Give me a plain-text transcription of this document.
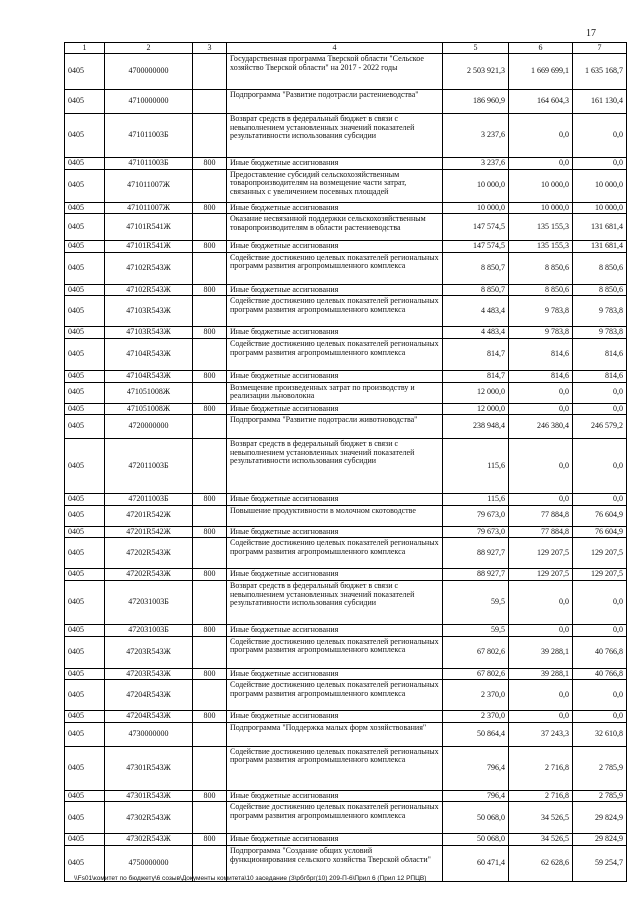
17
1	2	3	4	5	6	7
0405	4700000000		Государственная программа Тверской области "Сельское хозяйство Тверской области" на 2017 - 2022 годы	2 503 921,3	1 669 699,1	1 635 168,7
0405	4710000000		Подпрограмма "Развитие подотрасли растениеводства"	186 960,9	164 604,3	161 130,4
0405	471011003Б		Возврат средств в федеральный бюджет в связи с невыполнением установленных значений показателей результативности использования субсидии	3 237,6	0,0	0,0
0405	471011003Б	800	Иные бюджетные ассигнования	3 237,6	0,0	0,0
0405	471011007Ж		Предоставление субсидий сельскохозяйственным товаропроизводителям на возмещение части затрат, связанных с увеличением посевных площадей	10 000,0	10 000,0	10 000,0
0405	471011007Ж	800	Иные бюджетные ассигнования	10 000,0	10 000,0	10 000,0
0405	47101R541Ж		Оказание несвязанной поддержки сельскохозяйственным товаропроизводителям в области растениеводства	147 574,5	135 155,3	131 681,4
0405	47101R541Ж	800	Иные бюджетные ассигнования	147 574,5	135 155,3	131 681,4
0405	47102R543Ж		Содействие достижению целевых показателей региональных программ развития агропромышленного комплекса	8 850,7	8 850,6	8 850,6
0405	47102R543Ж	800	Иные бюджетные ассигнования	8 850,7	8 850,6	8 850,6
0405	47103R543Ж		Содействие достижению целевых показателей региональных программ развития агропромышленного комплекса	4 483,4	9 783,8	9 783,8
0405	47103R543Ж	800	Иные бюджетные ассигнования	4 483,4	9 783,8	9 783,8
0405	47104R543Ж		Содействие достижению целевых показателей региональных программ развития агропромышленного комплекса	814,7	814,6	814,6
0405	47104R543Ж	800	Иные бюджетные ассигнования	814,7	814,6	814,6
0405	471051008Ж		Возмещение произведенных затрат по производству и реализации льноволокна	12 000,0	0,0	0,0
0405	471051008Ж	800	Иные бюджетные ассигнования	12 000,0	0,0	0,0
0405	4720000000		Подпрограмма "Развитие подотрасли животноводства"	238 948,4	246 380,4	246 579,2
0405	472011003Б		Возврат средств в федеральный бюджет в связи с невыполнением установленных значений показателей результативности использования субсидии	115,6	0,0	0,0
0405	472011003Б	800	Иные бюджетные ассигнования	115,6	0,0	0,0
0405	47201R542Ж		Повышение продуктивности в молочном скотоводстве	79 673,0	77 884,8	76 604,9
0405	47201R542Ж	800	Иные бюджетные ассигнования	79 673,0	77 884,8	76 604,9
0405	47202R543Ж		Содействие достижению целевых показателей региональных программ развития агропромышленного комплекса	88 927,7	129 207,5	129 207,5
0405	47202R543Ж	800	Иные бюджетные ассигнования	88 927,7	129 207,5	129 207,5
0405	472031003Б		Возврат средств в федеральный бюджет в связи с невыполнением установленных значений показателей результативности использования субсидии	59,5	0,0	0,0
0405	472031003Б	800	Иные бюджетные ассигнования	59,5	0,0	0,0
0405	47203R543Ж		Содействие достижению целевых показателей региональных программ развития агропромышленного комплекса	67 802,6	39 288,1	40 766,8
0405	47203R543Ж	800	Иные бюджетные ассигнования	67 802,6	39 288,1	40 766,8
0405	47204R543Ж		Содействие достижению целевых показателей региональных программ развития агропромышленного комплекса	2 370,0	0,0	0,0
0405	47204R543Ж	800	Иные бюджетные ассигнования	2 370,0	0,0	0,0
0405	4730000000		Подпрограмма "Поддержка малых форм хозяйствования"	50 864,4	37 243,3	32 610,8
0405	47301R543Ж		Содействие достижению целевых показателей региональных программ развития агропромышленного комплекса	796,4	2 716,8	2 785,9
0405	47301R543Ж	800	Иные бюджетные ассигнования	796,4	2 716,8	2 785,9
0405	47302R543Ж		Содействие достижению целевых показателей региональных программ развития агропромышленного комплекса	50 068,0	34 526,5	29 824,9
0405	47302R543Ж	800	Иные бюджетные ассигнования	50 068,0	34 526,5	29 824,9
0405	4750000000		Подпрограмма "Создание общих условий функционирования сельского хозяйства Тверской области"	60 471,4	62 628,6	59 254,7
\\Fs01\комитет по бюджету\6 созыв\Документы комитета\10 заседание (3\рбгбрг(10) 209-П-6\Прил 6 (Прил 12 РПЦВ)
